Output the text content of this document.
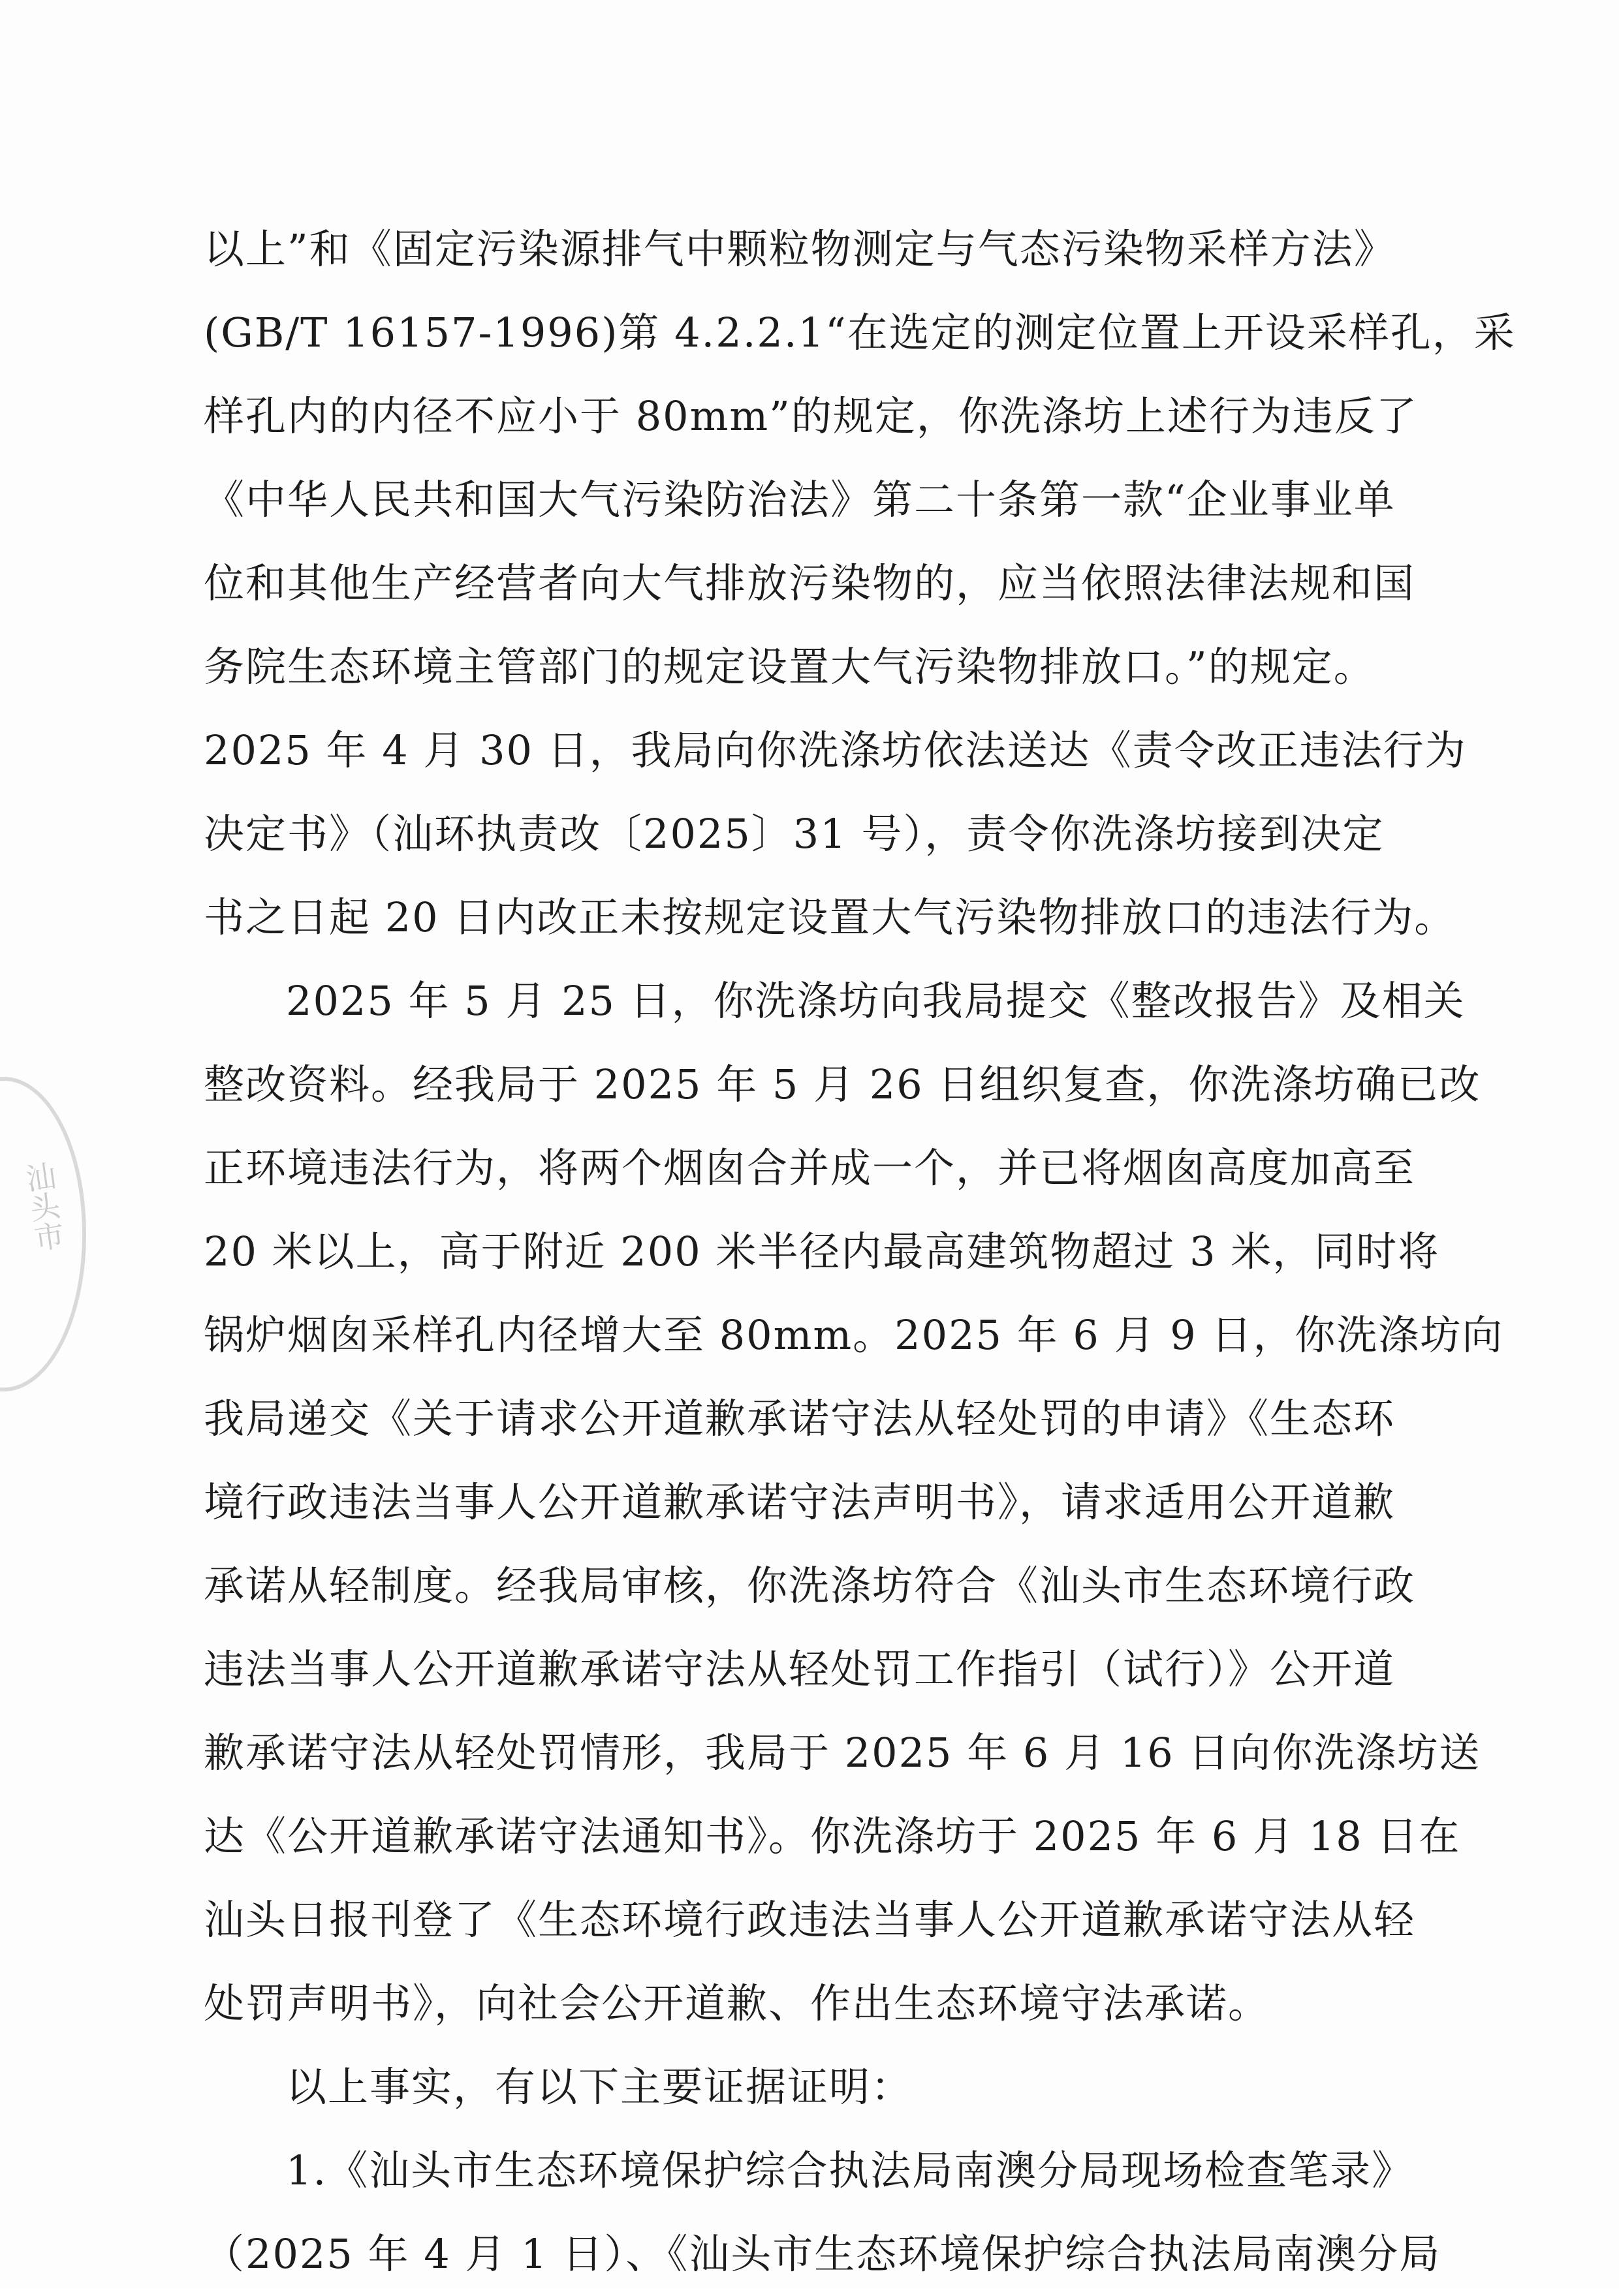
汕头市
以上”和《固定污染源排气中颗粒物测定与气态污染物采样方法》
(GB/T 16157-1996)第 4.2.2.1“在选定的测定位置上开设采样孔，采
样孔内的内径不应小于 80mm”的规定，你洗涤坊上述行为违反了
《中华人民共和国大气污染防治法》第二十条第一款“企业事业单
位和其他生产经营者向大气排放污染物的，应当依照法律法规和国
务院生态环境主管部门的规定设置大气污染物排放口。”的规定。
2025 年 4 月 30 日，我局向你洗涤坊依法送达《责令改正违法行为
决定书》（汕环执责改〔2025〕31 号），责令你洗涤坊接到决定
书之日起 20 日内改正未按规定设置大气污染物排放口的违法行为。
2025 年 5 月 25 日，你洗涤坊向我局提交《整改报告》及相关
整改资料。经我局于 2025 年 5 月 26 日组织复查，你洗涤坊确已改
正环境违法行为，将两个烟囱合并成一个，并已将烟囱高度加高至
20 米以上，高于附近 200 米半径内最高建筑物超过 3 米，同时将
锅炉烟囱采样孔内径增大至 80mm。2025 年 6 月 9 日，你洗涤坊向
我局递交《关于请求公开道歉承诺守法从轻处罚的申请》《生态环
境行政违法当事人公开道歉承诺守法声明书》，请求适用公开道歉
承诺从轻制度。经我局审核，你洗涤坊符合《汕头市生态环境行政
违法当事人公开道歉承诺守法从轻处罚工作指引（试行）》公开道
歉承诺守法从轻处罚情形，我局于 2025 年 6 月 16 日向你洗涤坊送
达《公开道歉承诺守法通知书》。你洗涤坊于 2025 年 6 月 18 日在
汕头日报刊登了《生态环境行政违法当事人公开道歉承诺守法从轻
处罚声明书》，向社会公开道歉、作出生态环境守法承诺。
以上事实，有以下主要证据证明：
1.《汕头市生态环境保护综合执法局南澳分局现场检查笔录》
（2025 年 4 月 1 日）、《汕头市生态环境保护综合执法局南澳分局
